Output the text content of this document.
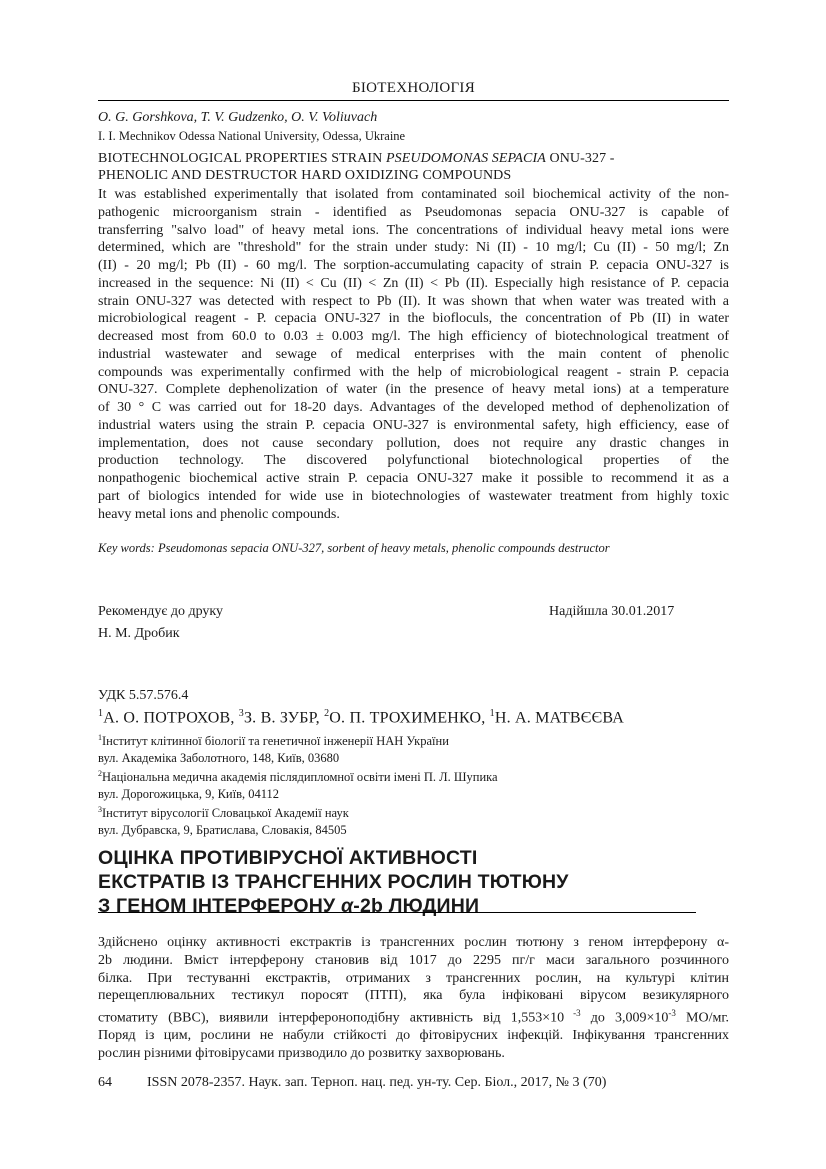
БІОТЕХНОЛОГІЯ
O. G. Gorshkova, T. V. Gudzenko, O. V. Voliuvach
I. I. Mechnikov Odessa National University, Odessa, Ukraine
BIOTECHNOLOGICAL PROPERTIES STRAIN PSEUDOMONAS SEPACIA ONU-327 -
PHENOLIC AND DESTRUCTOR HARD OXIDIZING COMPOUNDS
It was established experimentally that isolated from contaminated soil biochemical activity of the non-
pathogenic microorganism strain - identified as Pseudomonas sepacia ONU-327 is capable of
transferring "salvo load" of heavy metal ions. The concentrations of individual heavy metal ions were
determined, which are "threshold" for the strain under study: Ni (II) - 10 mg/l; Cu (II) - 50 mg/l; Zn
(II) - 20 mg/l; Pb (II) - 60 mg/l. The sorption-accumulating capacity of strain P. cepacia ONU-327 is
increased in the sequence: Ni (II) < Cu (II) < Zn (II) < Pb (II). Especially high resistance of P. cepacia
strain ONU-327 was detected with respect to Pb (II). It was shown that when water was treated with a
microbiological reagent - P. cepacia ONU-327 in the biofloculs, the concentration of Pb (II) in water
decreased most from 60.0 to 0.03 ± 0.003 mg/l. The high efficiency of biotechnological treatment of
industrial wastewater and sewage of medical enterprises with the main content of phenolic
compounds was experimentally confirmed with the help of microbiological reagent - strain P. cepacia
ONU-327. Complete dephenolization of water (in the presence of heavy metal ions) at a temperature
of 30 ° C was carried out for 18-20 days. Advantages of the developed method of dephenolization of
industrial waters using the strain P. cepacia ONU-327 is environmental safety, high efficiency, ease of
implementation, does not cause secondary pollution, does not require any drastic changes in
production technology. The discovered polyfunctional biotechnological properties of the
nonpathogenic biochemical active strain P. cepacia ONU-327 make it possible to recommend it as a
part of biologics intended for wide use in biotechnologies of wastewater treatment from highly toxic
heavy metal ions and phenolic compounds.
Key words: Pseudomonas sepacia ONU-327, sorbent of heavy metals, phenolic compounds destructor
Рекомендує до друку	Надійшла 30.01.2017
Н. М. Дробик
УДК 5.57.576.4
$^1$А. О. ПОТРОХОВ, $^3$З. В. ЗУБР, $^2$О. П. ТРОХИМЕНКО, $^1$Н. А. МАТВЄЄВА
$^1$Інститут клітинної біології та генетичної інженерії НАН України
вул. Академіка Заболотного, 148, Київ, 03680
$^2$Національна медична академія післядипломної освіти імені П. Л. Шупика
вул. Дорогожицька, 9, Київ, 04112
$^3$Інститут вірусології Словацької Академії наук
вул. Дубравска, 9, Братислава, Словакія, 84505
ОЦІНКА ПРОТИВІРУСНОЇ АКТИВНОСТІ
ЕКСТРАТІВ ІЗ ТРАНСГЕННИХ РОСЛИН ТЮТЮНУ
З ГЕНОМ ІНТЕРФЕРОНУ α-2b ЛЮДИНИ
Здійснено оцінку активності екстрактів із трансгенних рослин тютюну з геном інтерферону α-
2b людини. Вміст інтерферону становив від 1017 до 2295 пг/г маси загального розчинного
білка. При тестуванні екстрактів, отриманих з трансгенних рослин, на культурі клітин
перещеплювальних тестикул поросят (ПТП), яка була інфіковані вірусом везикулярного
стоматиту (ВВС), виявили інтерфероноподібну активність від 1,553×10 $^{-3}$ до $3,009\times 10^{-3}$ МО/мг.
Поряд із цим, рослини не набули стійкості до фітовірусних інфекцій. Інфікування трансгенних
рослин різними фітовірусами призводило до розвитку захворювань.
64	ISSN 2078-2357. Наук. зап. Терноп. нац. пед. ун-ту. Сер. Біол., 2017, № 3 (70)
